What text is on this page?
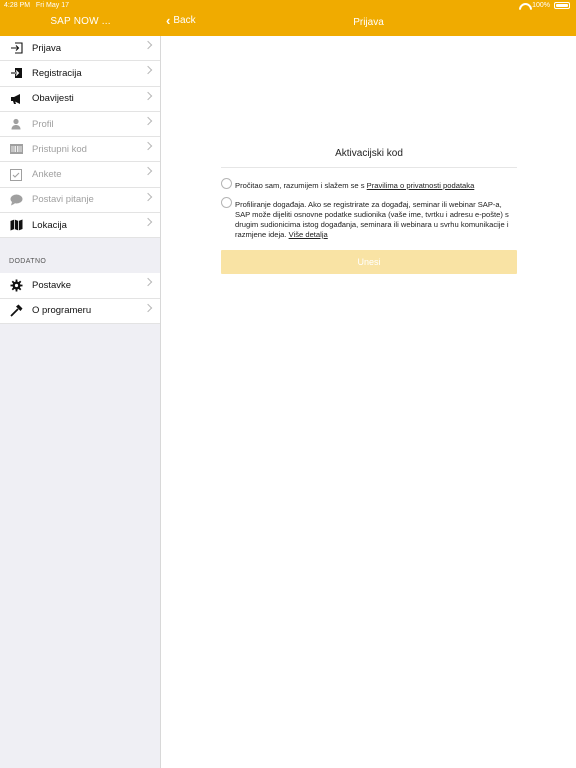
4:28 PM Fri May 17	100%
SAP NOW ...	‹ Back	Prijava
Prijava
Registracija
Obavijesti
Profil
Pristupni kod
Ankete
Postavi pitanje
Lokacija
DODATNO
Postavke
O programeru
Aktivacijski kod
Pročitao sam, razumijem i slažem se s Pravilima o privatnosti podataka
Profiliranje događaja. Ako se registrirate za događaj, seminar ili webinar SAP-a, SAP može dijeliti osnovne podatke sudionika (vaše ime, tvrtku i adresu e-pošte) s drugim sudionicima istog događanja, seminara ili webinara u svrhu komunikacije i razmjene ideja. Više detalja
Unesi
